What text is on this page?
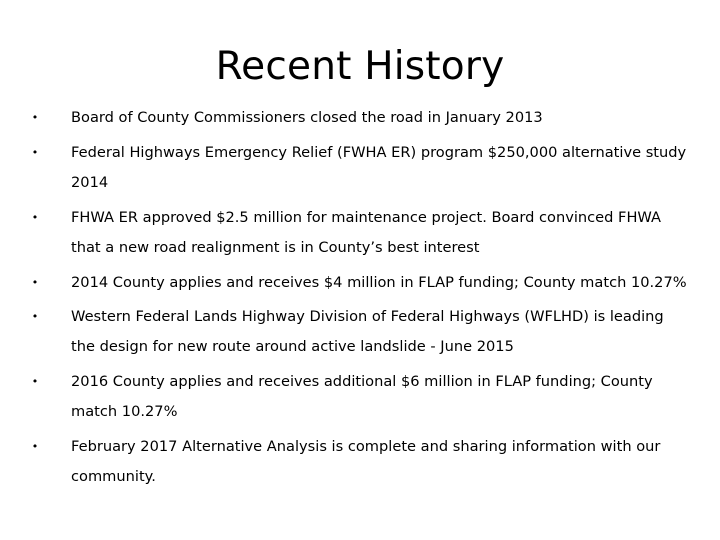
Recent History
• Board of County Commissioners closed the road in January 2013
• Federal Highways Emergency Relief (FWHA ER) program $250,000 alternative study 2014
• FHWA ER approved $2.5 million for maintenance project. Board convinced FHWA that a new road realignment is in County’s best interest
• 2014 County applies and receives $4 million in FLAP funding; County match 10.27%
• Western Federal Lands Highway Division of Federal Highways (WFLHD) is leading the design for new route around active landslide - June 2015
• 2016 County applies and receives additional $6 million in FLAP funding; County match 10.27%
• February 2017 Alternative Analysis is complete and sharing information with our community.
